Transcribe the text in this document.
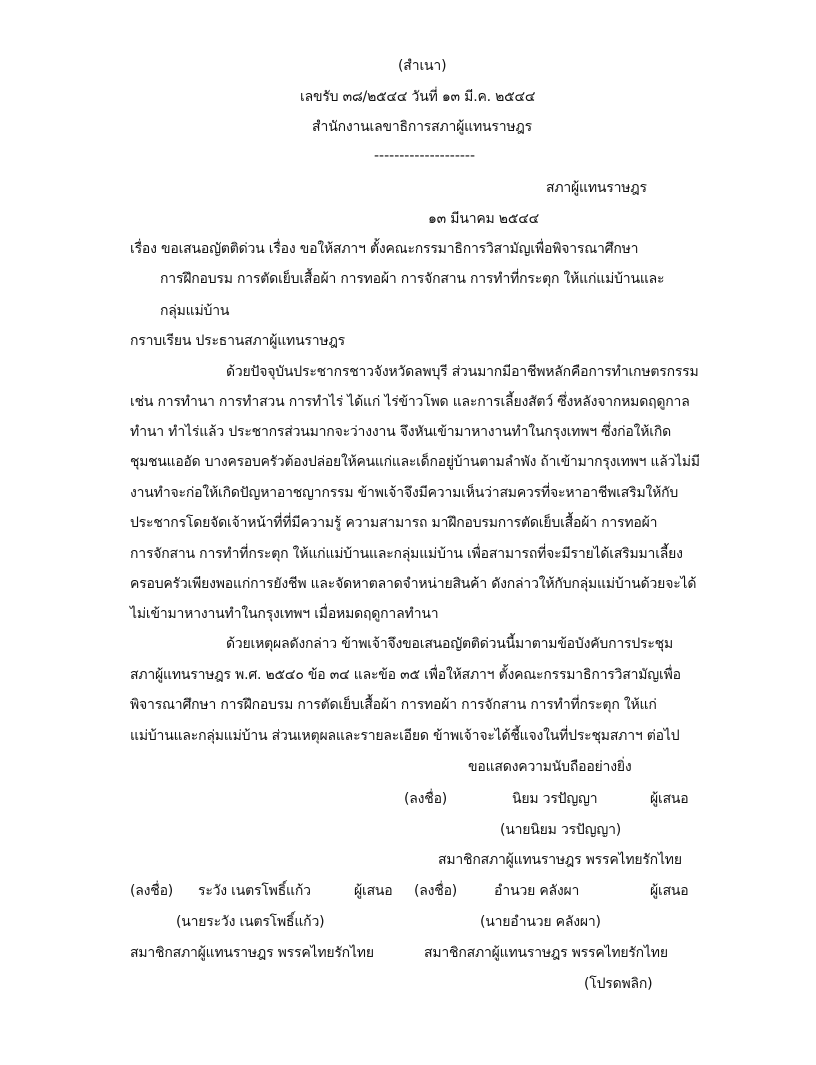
(สำเนา)
เลขรับ ๓๘/๒๕๔๔ วันที่ ๑๓ มี.ค. ๒๕๔๔
สำนักงานเลขาธิการสภาผู้แทนราษฎร
--------------------
สภาผู้แทนราษฎร
๑๓ มีนาคม ๒๕๔๔
เรื่อง ขอเสนอญัตติด่วน เรื่อง ขอให้สภาฯ ตั้งคณะกรรมาธิการวิสามัญเพื่อพิจารณาศึกษา
การฝึกอบรม การตัดเย็บเสื้อผ้า การทอผ้า การจักสาน การทำที่กระตุก ให้แก่แม่บ้านและ
กลุ่มแม่บ้าน
กราบเรียน ประธานสภาผู้แทนราษฎร
ด้วยปัจจุบันประชากรชาวจังหวัดลพบุรี ส่วนมากมีอาชีพหลักคือการทำเกษตรกรรม
เช่น การทำนา การทำสวน การทำไร่ ได้แก่ ไร่ข้าวโพด และการเลี้ยงสัตว์ ซึ่งหลังจากหมดฤดูกาล
ทำนา ทำไร่แล้ว ประชากรส่วนมากจะว่างงาน จึงหันเข้ามาหางานทำในกรุงเทพฯ ซึ่งก่อให้เกิด
ชุมชนแออัด บางครอบครัวต้องปล่อยให้คนแก่และเด็กอยู่บ้านตามลำพัง ถ้าเข้ามากรุงเทพฯ แล้วไม่มี
งานทำจะก่อให้เกิดปัญหาอาชญากรรม ข้าพเจ้าจึงมีความเห็นว่าสมควรที่จะหาอาชีพเสริมให้กับ
ประชากรโดยจัดเจ้าหน้าที่ที่มีความรู้ ความสามารถ มาฝึกอบรมการตัดเย็บเสื้อผ้า การทอผ้า
การจักสาน การทำที่กระตุก ให้แก่แม่บ้านและกลุ่มแม่บ้าน เพื่อสามารถที่จะมีรายได้เสริมมาเลี้ยง
ครอบครัวเพียงพอแก่การยังชีพ และจัดหาตลาดจำหน่ายสินค้า ดังกล่าวให้กับกลุ่มแม่บ้านด้วยจะได้
ไม่เข้ามาหางานทำในกรุงเทพฯ เมื่อหมดฤดูกาลทำนา
ด้วยเหตุผลดังกล่าว ข้าพเจ้าจึงขอเสนอญัตติด่วนนี้มาตามข้อบังคับการประชุม
สภาผู้แทนราษฎร พ.ศ. ๒๕๔๐ ข้อ ๓๔ และข้อ ๓๕ เพื่อให้สภาฯ ตั้งคณะกรรมาธิการวิสามัญเพื่อ
พิจารณาศึกษา การฝึกอบรม การตัดเย็บเสื้อผ้า การทอผ้า การจักสาน การทำที่กระตุก ให้แก่
แม่บ้านและกลุ่มแม่บ้าน ส่วนเหตุผลและรายละเอียด ข้าพเจ้าจะได้ชี้แจงในที่ประชุมสภาฯ ต่อไป
ขอแสดงความนับถืออย่างยิ่ง
(ลงชื่อ)	นิยม วรปัญญา	ผู้เสนอ
(นายนิยม วรปัญญา)
สมาชิกสภาผู้แทนราษฎร พรรคไทยรักไทย
(ลงชื่อ) ระวัง เนตรโพธิ์แก้ว	ผู้เสนอ (ลงชื่อ)	อำนวย คลังผา	ผู้เสนอ
(นายระวัง เนตรโพธิ์แก้ว)	(นายอำนวย คลังผา)
สมาชิกสภาผู้แทนราษฎร พรรคไทยรักไทย	สมาชิกสภาผู้แทนราษฎร พรรคไทยรักไทย
(โปรดพลิก)
